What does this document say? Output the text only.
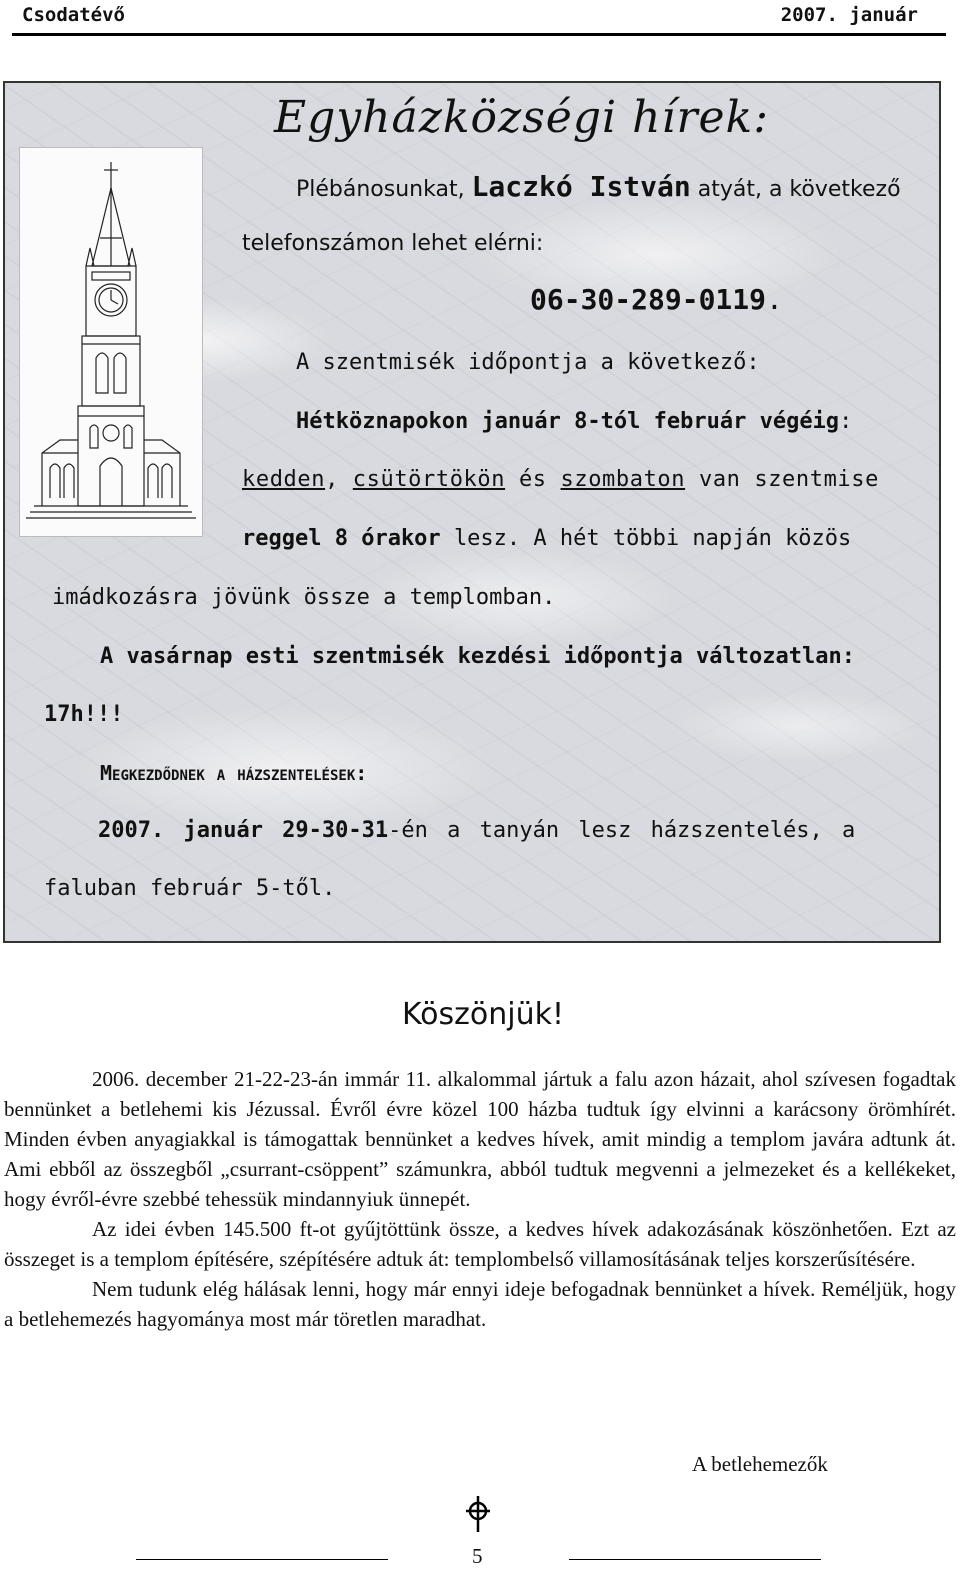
Csodatévő	2007. január
Egyházközségi hírek:
Plébánosunkat, Laczkó István atyát, a következő
telefonszámon lehet elérni:
06-30-289-0119.
A szentmisék időpontja a következő:
Hétköznapokon január 8-tól február végéig:
kedden, csütörtökön és szombaton van szentmise
reggel 8 órakor lesz. A hét többi napján közös
imádkozásra jövünk össze a templomban.
A vasárnap esti szentmisék kezdési időpontja változatlan:
17h!!!
Megkezdődnek a házszentelések:
2007. január 29-30-31-én a tanyán lesz házszentelés, a
faluban február 5-től.
Köszönjük!

2006. december 21-22-23-án immár 11. alkalommal jártuk a falu azon házait, ahol szívesen fogadtak bennünket a betlehemi kis Jézussal. Évről évre közel 100 házba tudtuk így elvinni a karácsony örömhírét. Minden évben anyagiakkal is támogattak bennünket a kedves hívek, amit mindig a templom javára adtunk át. Ami ebből az összegből „csurrant-csöppent” számunkra, abból tudtuk megvenni a jelmezeket és a kellékeket, hogy évről-évre szebbé tehessük mindannyiuk ünnepét.

Az idei évben 145.500 ft-ot gyűjtöttünk össze, a kedves hívek adakozásának köszönhetően. Ezt az összeget is a templom építésére, szépítésére adtuk át: templombelső villamosításának teljes korszerűsítésére.

Nem tudunk elég hálásak lenni, hogy már ennyi ideje befogadnak bennünket a hívek. Reméljük, hogy a betlehemezés hagyománya most már töretlen maradhat.

A betlehemezők
5
